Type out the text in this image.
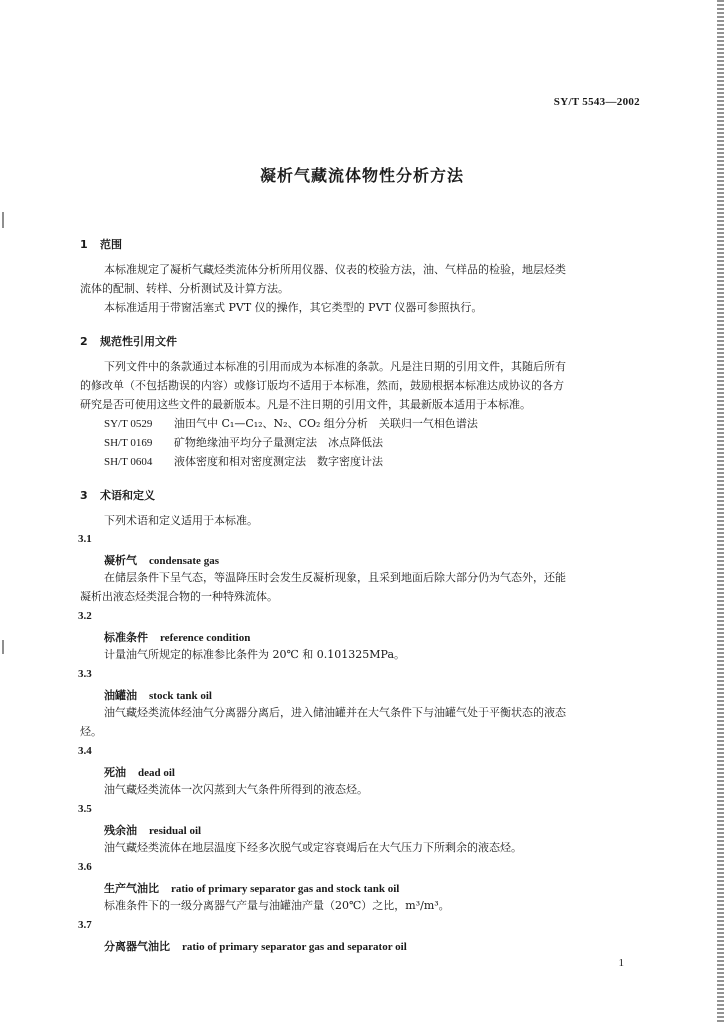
SY/T 5543—2002
凝析气藏流体物性分析方法
1 范围
本标准规定了凝析气藏烃类流体分析所用仪器、仪表的校验方法，油、气样品的检验，地层烃类
流体的配制、转样、分析测试及计算方法。
本标准适用于带窗活塞式 PVT 仪的操作，其它类型的 PVT 仪器可参照执行。
2 规范性引用文件
下列文件中的条款通过本标准的引用而成为本标准的条款。凡是注日期的引用文件，其随后所有
的修改单（不包括勘误的内容）或修订版均不适用于本标准，然而，鼓励根据本标准达成协议的各方
研究是否可使用这些文件的最新版本。凡是不注日期的引用文件，其最新版本适用于本标准。
SY/T 0529 油田气中 C₁—C₁₂、N₂、CO₂ 组分分析　关联归一气相色谱法
SH/T 0169 矿物绝缘油平均分子量测定法　冰点降低法
SH/T 0604 液体密度和相对密度测定法　数字密度计法
3 术语和定义
下列术语和定义适用于本标准。
3.1
凝析气 condensate gas
在储层条件下呈气态，等温降压时会发生反凝析现象，且采到地面后除大部分仍为气态外，还能
凝析出液态烃类混合物的一种特殊流体。
3.2
标准条件 reference condition
计量油气所规定的标准参比条件为 20℃ 和 0.101325MPa。
3.3
油罐油 stock tank oil
油气藏烃类流体经油气分离器分离后，进入储油罐并在大气条件下与油罐气处于平衡状态的液态
烃。
3.4
死油 dead oil
油气藏烃类流体一次闪蒸到大气条件所得到的液态烃。
3.5
残余油 residual oil
油气藏烃类流体在地层温度下经多次脱气或定容衰竭后在大气压力下所剩余的液态烃。
3.6
生产气油比 ratio of primary separator gas and stock tank oil
标准条件下的一级分离器气产量与油罐油产量（20℃）之比，m³/m³。
3.7
分离器气油比 ratio of primary separator gas and separator oil
1
